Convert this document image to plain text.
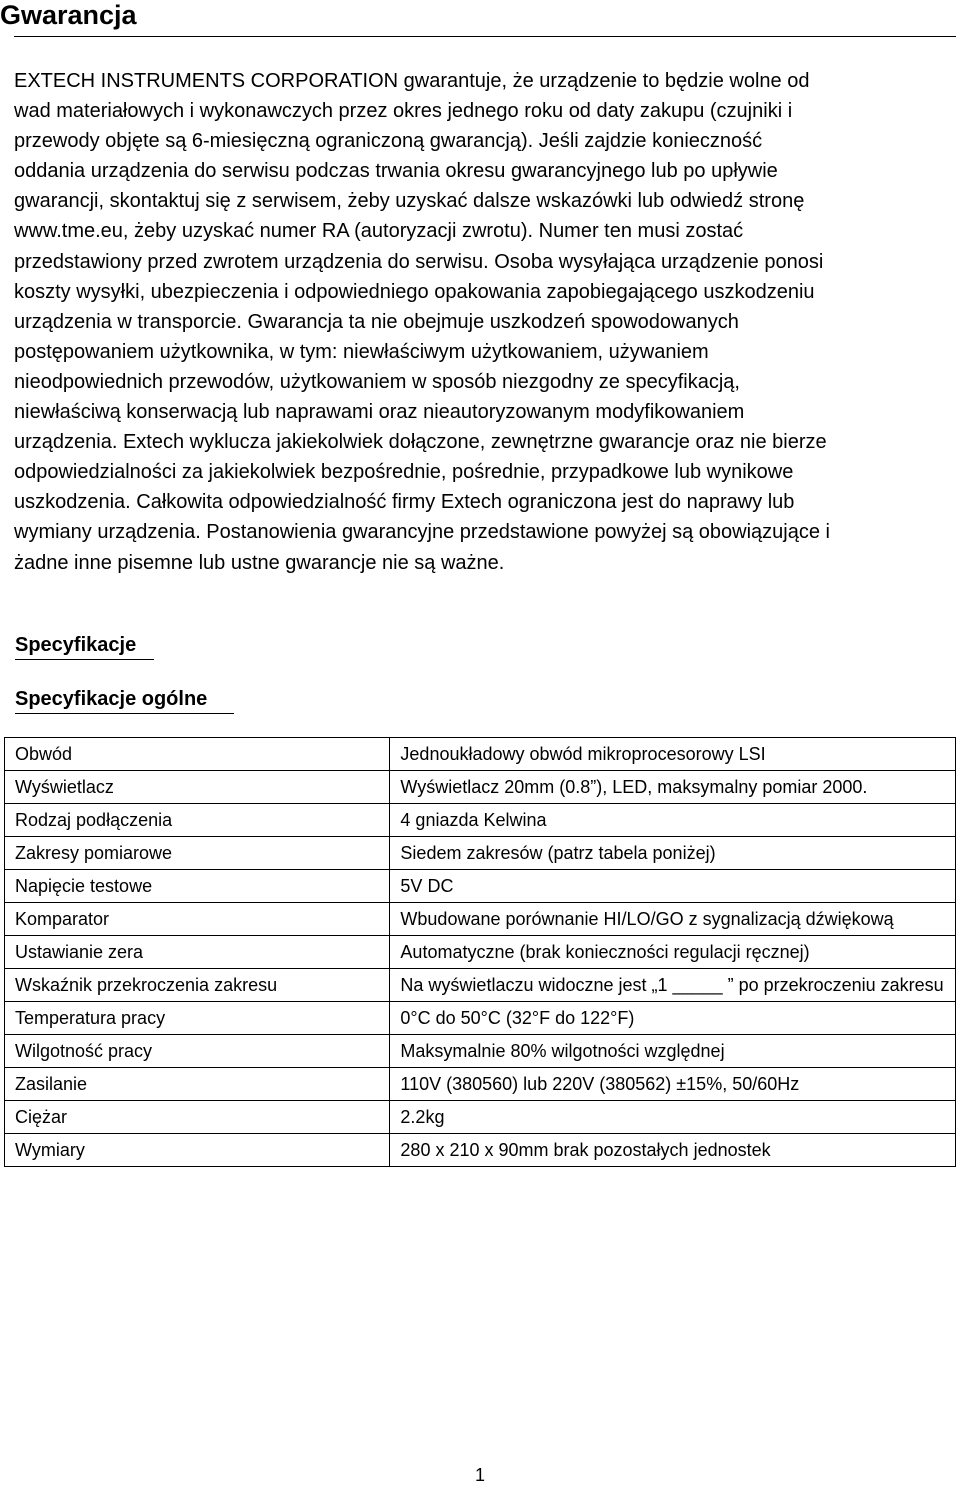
Gwarancja

EXTECH INSTRUMENTS CORPORATION gwarantuje, że urządzenie to będzie wolne od
wad materiałowych i wykonawczych przez okres jednego roku od daty zakupu (czujniki i
przewody objęte są 6-miesięczną ograniczoną gwarancją). Jeśli zajdzie konieczność
oddania urządzenia do serwisu podczas trwania okresu gwarancyjnego lub po upływie
gwarancji, skontaktuj się z serwisem, żeby uzyskać dalsze wskazówki lub odwiedź stronę
www.tme.eu, żeby uzyskać numer RA (autoryzacji zwrotu). Numer ten musi zostać
przedstawiony przed zwrotem urządzenia do serwisu. Osoba wysyłająca urządzenie ponosi
koszty wysyłki, ubezpieczenia i odpowiedniego opakowania zapobiegającego uszkodzeniu
urządzenia w transporcie. Gwarancja ta nie obejmuje uszkodzeń spowodowanych
postępowaniem użytkownika, w tym: niewłaściwym użytkowaniem, używaniem
nieodpowiednich przewodów, użytkowaniem w sposób niezgodny ze specyfikacją,
niewłaściwą konserwacją lub naprawami oraz nieautoryzowanym modyfikowaniem
urządzenia. Extech wyklucza jakiekolwiek dołączone, zewnętrzne gwarancje oraz nie bierze
odpowiedzialności za jakiekolwiek bezpośrednie, pośrednie, przypadkowe lub wynikowe
uszkodzenia. Całkowita odpowiedzialność firmy Extech ograniczona jest do naprawy lub
wymiany urządzenia. Postanowienia gwarancyjne przedstawione powyżej są obowiązujące i
żadne inne pisemne lub ustne gwarancje nie są ważne.

Specyfikacje
Specyfikacje ogólne
Obwód	Jednoukładowy obwód mikroprocesorowy LSI
Wyświetlacz	Wyświetlacz 20mm (0.8”), LED, maksymalny pomiar 2000.
Rodzaj podłączenia	4 gniazda Kelwina
Zakresy pomiarowe	Siedem zakresów (patrz tabela poniżej)
Napięcie testowe	5V DC
Komparator	Wbudowane porównanie HI/LO/GO z sygnalizacją dźwiękową
Ustawianie zera	Automatyczne (brak konieczności regulacji ręcznej)
Wskaźnik przekroczenia zakresu	Na wyświetlaczu widoczne jest „1 _____ ” po przekroczeniu zakresu
Temperatura pracy	0°C do 50°C (32°F do 122°F)
Wilgotność pracy	Maksymalnie 80% wilgotności względnej
Zasilanie	110V (380560) lub 220V (380562) ±15%, 50/60Hz
Ciężar	2.2kg
Wymiary	280 x 210 x 90mm brak pozostałych jednostek

1
